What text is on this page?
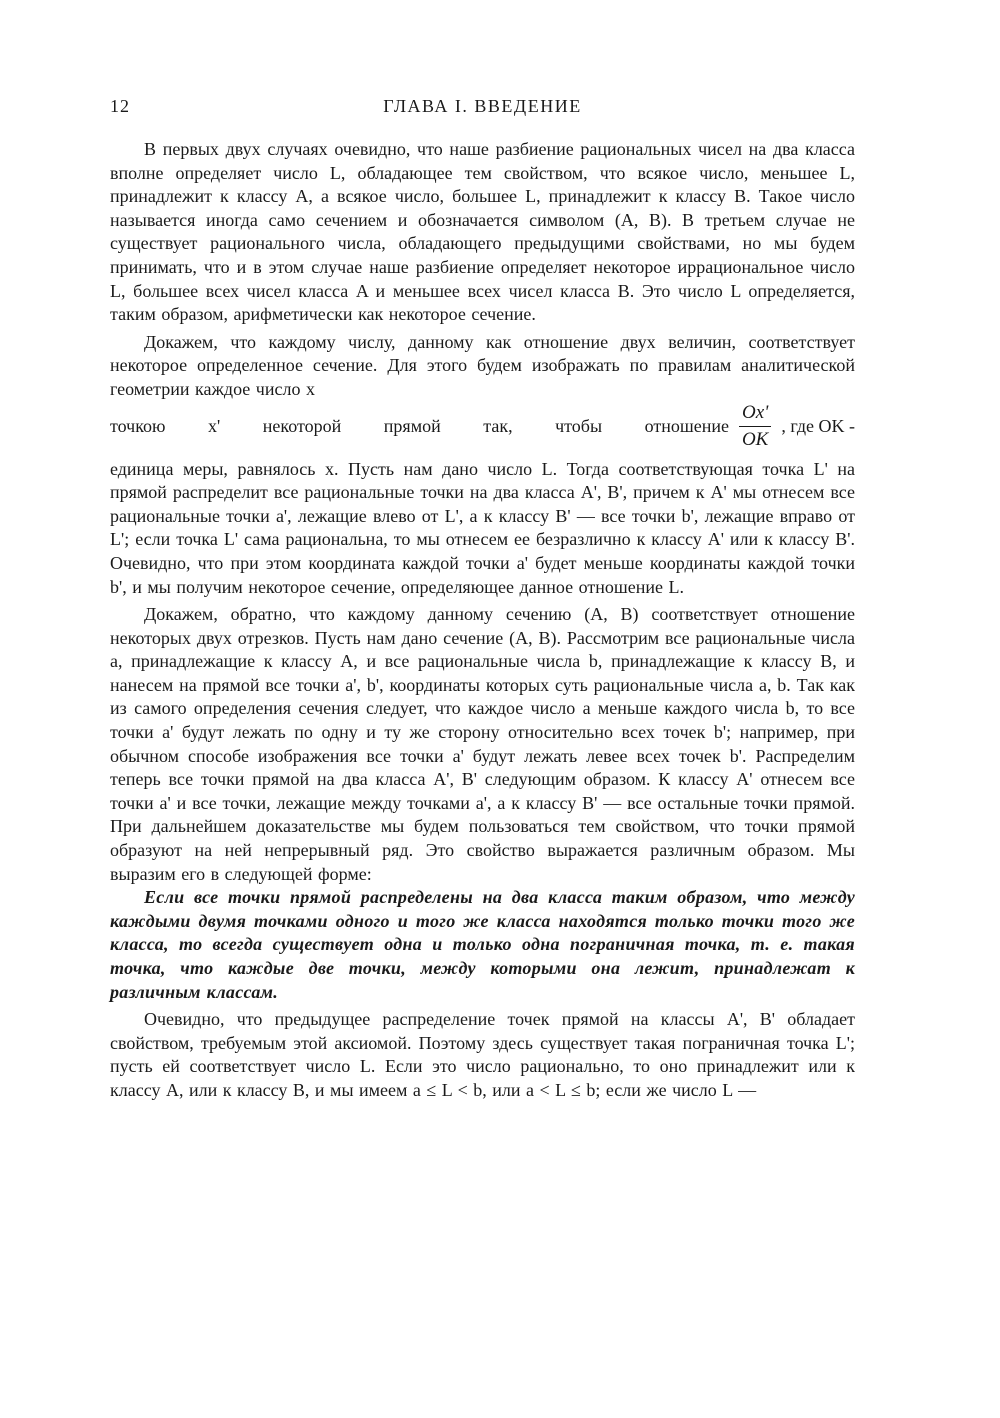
12	ГЛАВА I. ВВЕДЕНИЕ

В первых двух случаях очевидно, что наше разбиение рациональных чисел на два класса вполне определяет число L, обладающее тем свойством, что всякое число, меньшее L, принадлежит к классу A, а всякое число, большее L, принадлежит к классу B. Такое число называется иногда само сечением и обозначается символом (A, B). В третьем случае не существует рационального числа, обладающего предыдущими свойствами, но мы будем принимать, что и в этом случае наше разбиение определяет некоторое иррациональное число L, большее всех чисел класса A и меньшее всех чисел класса B. Это число L определяется, таким образом, арифметически как некоторое сечение.

Докажем, что каждому числу, данному как отношение двух величин, соответствует некоторое определенное сечение. Для этого будем изображать по правилам аналитической геометрии каждое число x

точкою x' некоторой прямой так, чтобы отношение $\frac{Ox'}{OK}$ , где OK -

единица меры, равнялось x. Пусть нам дано число L. Тогда соответствующая точка L' на прямой распределит все рациональные точки на два класса A', B', причем к A' мы отнесем все рациональные точки a', лежащие влево от L', а к классу B' — все точки b', лежащие вправо от L'; если точка L' сама рациональна, то мы отнесем ее безразлично к классу A' или к классу B'. Очевидно, что при этом координата каждой точки a' будет меньше координаты каждой точки b', и мы получим некоторое сечение, определяющее данное отношение L.

Докажем, обратно, что каждому данному сечению (A, B) соответствует отношение некоторых двух отрезков. Пусть нам дано сечение (A, B). Рассмотрим все рациональные числа a, принадлежащие к классу A, и все рациональные числа b, принадлежащие к классу B, и нанесем на прямой все точки a', b', координаты которых суть рациональные числа a, b. Так как из самого определения сечения следует, что каждое число a меньше каждого числа b, то все точки a' будут лежать по одну и ту же сторону относительно всех точек b'; например, при обычном способе изображения все точки a' будут лежать левее всех точек b'. Распределим теперь все точки прямой на два класса A', B' следующим образом. К классу A' отнесем все точки a' и все точки, лежащие между точками a', а к классу B' — все остальные точки прямой. При дальнейшем доказательстве мы будем пользоваться тем свойством, что точки прямой образуют на ней непрерывный ряд. Это свойство выражается различным образом. Мы выразим его в следующей форме:

Если все точки прямой распределены на два класса таким образом, что между каждыми двумя точками одного и того же класса находятся только точки того же класса, то всегда существует одна и только одна пограничная точка, т. е. такая точка, что каждые две точки, между которыми она лежит, принадлежат к различным классам.

Очевидно, что предыдущее распределение точек прямой на классы A', B' обладает свойством, требуемым этой аксиомой. Поэтому здесь существует такая пограничная точка L'; пусть ей соответствует число L. Если это число рационально, то оно принадлежит или к классу A, или к классу B, и мы имеем a ≤ L < b, или a < L ≤ b; если же число L —
